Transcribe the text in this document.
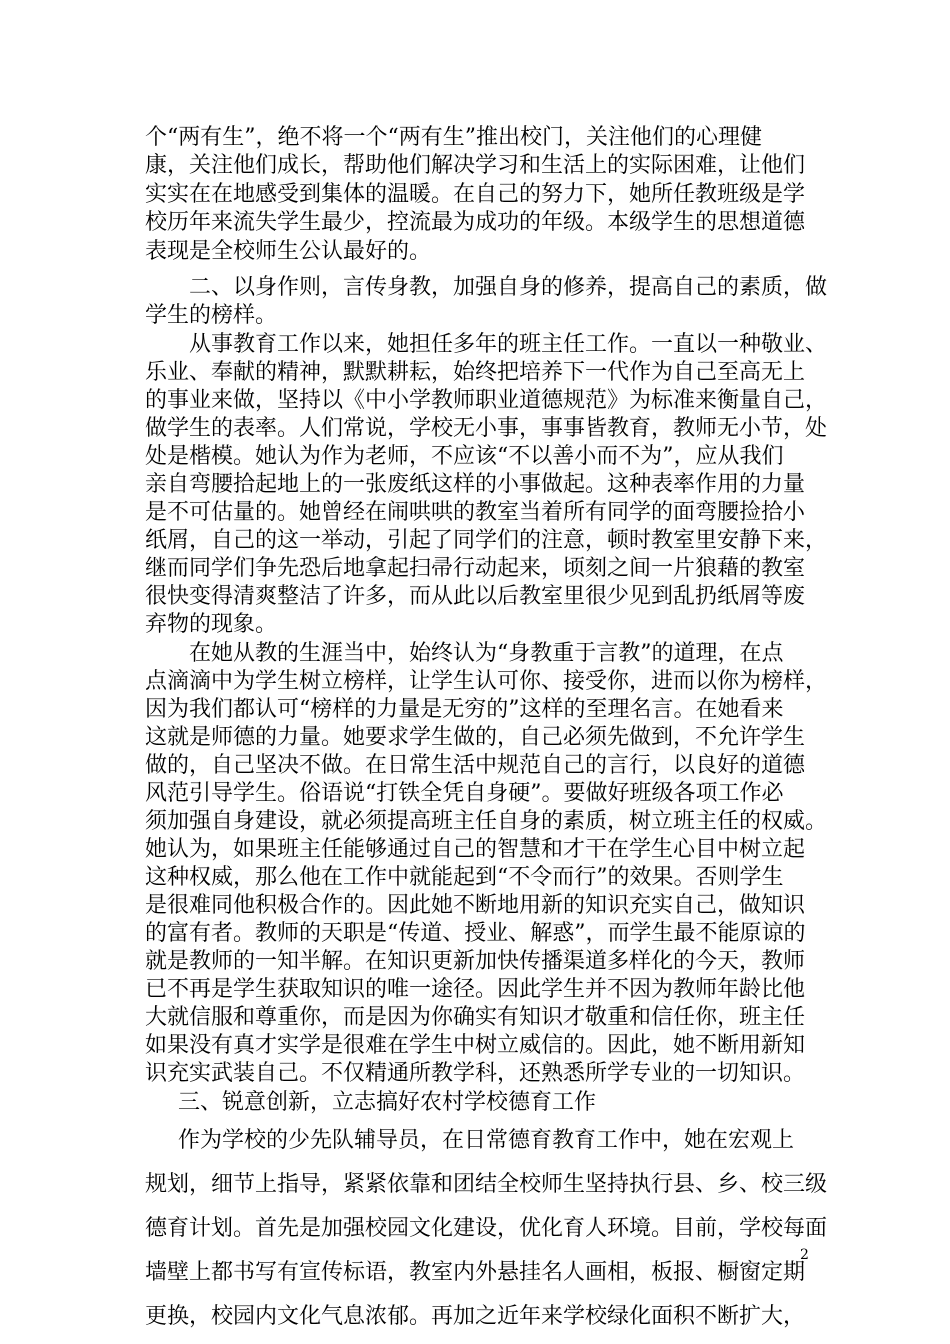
个“两有生”，绝不将一个“两有生”推出校门，关注他们的心理健
康，关注他们成长，帮助他们解决学习和生活上的实际困难，让他们
实实在在地感受到集体的温暖。在自己的努力下，她所任教班级是学
校历年来流失学生最少，控流最为成功的年级。本级学生的思想道德
表现是全校师生公认最好的。
二、以身作则，言传身教，加强自身的修养，提高自己的素质，做
学生的榜样。
从事教育工作以来，她担任多年的班主任工作。一直以一种敬业、
乐业、奉献的精神，默默耕耘，始终把培养下一代作为自己至高无上
的事业来做，坚持以《中小学教师职业道德规范》为标准来衡量自己，
做学生的表率。人们常说，学校无小事，事事皆教育，教师无小节，处
处是楷模。她认为作为老师，不应该“不以善小而不为”，应从我们
亲自弯腰拾起地上的一张废纸这样的小事做起。这种表率作用的力量
是不可估量的。她曾经在闹哄哄的教室当着所有同学的面弯腰捡拾小
纸屑，自己的这一举动，引起了同学们的注意，顿时教室里安静下来，
继而同学们争先恐后地拿起扫帚行动起来，顷刻之间一片狼藉的教室
很快变得清爽整洁了许多，而从此以后教室里很少见到乱扔纸屑等废
弃物的现象。
在她从教的生涯当中，始终认为“身教重于言教”的道理，在点
点滴滴中为学生树立榜样，让学生认可你、接受你，进而以你为榜样，
因为我们都认可“榜样的力量是无穷的”这样的至理名言。在她看来
这就是师德的力量。她要求学生做的，自己必须先做到，不允许学生
做的，自己坚决不做。在日常生活中规范自己的言行，以良好的道德
风范引导学生。俗语说“打铁全凭自身硬”。要做好班级各项工作必
须加强自身建设，就必须提高班主任自身的素质，树立班主任的权威。
她认为，如果班主任能够通过自己的智慧和才干在学生心目中树立起
这种权威，那么他在工作中就能起到“不令而行”的效果。否则学生
是很难同他积极合作的。因此她不断地用新的知识充实自己，做知识
的富有者。教师的天职是“传道、授业、解惑”，而学生最不能原谅的
就是教师的一知半解。在知识更新加快传播渠道多样化的今天，教师
已不再是学生获取知识的唯一途径。因此学生并不因为教师年龄比他
大就信服和尊重你，而是因为你确实有知识才敬重和信任你，班主任
如果没有真才实学是很难在学生中树立威信的。因此，她不断用新知
识充实武装自己。不仅精通所教学科，还熟悉所学专业的一切知识。
三、锐意创新，立志搞好农村学校德育工作
作为学校的少先队辅导员，在日常德育教育工作中，她在宏观上
规划，细节上指导，紧紧依靠和团结全校师生坚持执行县、乡、校三级
德育计划。首先是加强校园文化建设，优化育人环境。目前，学校每面
墙壁上都书写有宣传标语，教室内外悬挂名人画相，板报、橱窗定期
更换，校园内文化气息浓郁。再加之近年来学校绿化面积不断扩大，
2
